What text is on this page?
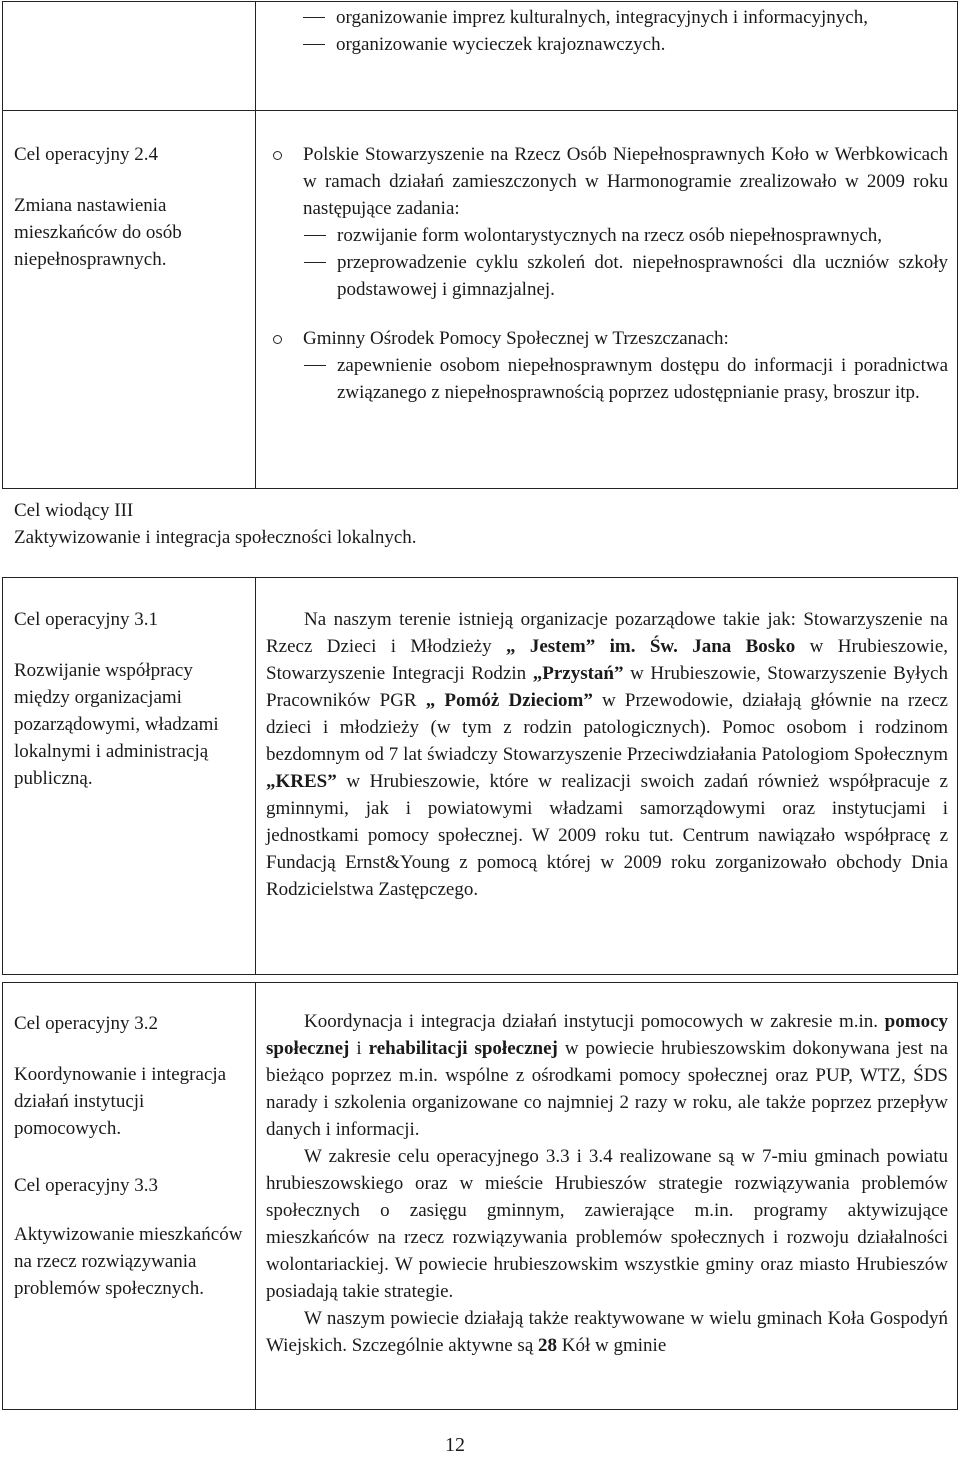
organizowanie imprez kulturalnych, integracyjnych i informacyjnych,
organizowanie wycieczek krajoznawczych.
Cel operacyjny 2.4
Zmiana nastawienia mieszkańców do osób niepełnosprawnych.
Polskie Stowarzyszenie na Rzecz Osób Niepełnosprawnych Koło w Werbkowicach w ramach działań zamieszczonych w Harmonogramie zrealizowało w 2009 roku następujące zadania:
rozwijanie form wolontarystycznych na rzecz osób niepełnosprawnych,
przeprowadzenie cyklu szkoleń dot. niepełnosprawności dla uczniów szkoły podstawowej i gimnazjalnej.
Gminny Ośrodek Pomocy Społecznej w Trzeszczanach:
zapewnienie osobom niepełnosprawnym dostępu do informacji i poradnictwa związanego z niepełnosprawnością poprzez udostępnianie prasy, broszur itp.
Cel wiodący III
Zaktywizowanie i integracja społeczności lokalnych.
Cel operacyjny 3.1
Rozwijanie współpracy między organizacjami pozarządowymi, władzami lokalnymi i administracją publiczną.
Na naszym terenie istnieją organizacje pozarządowe takie jak: Stowarzyszenie na Rzecz Dzieci i Młodzieży „ Jestem” im. Św. Jana Bosko w Hrubieszowie, Stowarzyszenie Integracji Rodzin „Przystań” w Hrubieszowie, Stowarzyszenie Byłych Pracowników PGR „ Pomóż Dzieciom” w Przewodowie, działają głównie na rzecz dzieci i młodzieży (w tym z rodzin patologicznych). Pomoc osobom i rodzinom bezdomnym od 7 lat świadczy Stowarzyszenie Przeciwdziałania Patologiom Społecznym „KRES” w Hrubieszowie, które w realizacji swoich zadań również współpracuje z gminnymi, jak i powiatowymi władzami samorządowymi oraz instytucjami i jednostkami pomocy społecznej. W 2009 roku tut. Centrum nawiązało współpracę z Fundacją Ernst&Young z pomocą której w 2009 roku zorganizowało obchody Dnia Rodzicielstwa Zastępczego.
Cel operacyjny 3.2
Koordynowanie i integracja działań instytucji pomocowych.
Cel operacyjny 3.3
Aktywizowanie mieszkańców na rzecz rozwiązywania problemów społecznych.
Koordynacja i integracja działań instytucji pomocowych w zakresie m.in. pomocy społecznej i rehabilitacji społecznej w powiecie hrubieszowskim dokonywana jest na bieżąco poprzez m.in. wspólne z ośrodkami pomocy społecznej oraz PUP, WTZ, ŚDS narady i szkolenia organizowane co najmniej 2 razy w roku, ale także poprzez przepływ danych i informacji.
W zakresie celu operacyjnego 3.3 i 3.4 realizowane są w 7-miu gminach powiatu hrubieszowskiego oraz w mieście Hrubieszów strategie rozwiązywania problemów społecznych o zasięgu gminnym, zawierające m.in. programy aktywizujące mieszkańców na rzecz rozwiązywania problemów społecznych i rozwoju działalności wolontariackiej. W powiecie hrubieszowskim wszystkie gminy oraz miasto Hrubieszów posiadają takie strategie.
W naszym powiecie działają także reaktywowane w wielu gminach Koła Gospodyń Wiejskich. Szczególnie aktywne są 28 Kół w gminie
12
